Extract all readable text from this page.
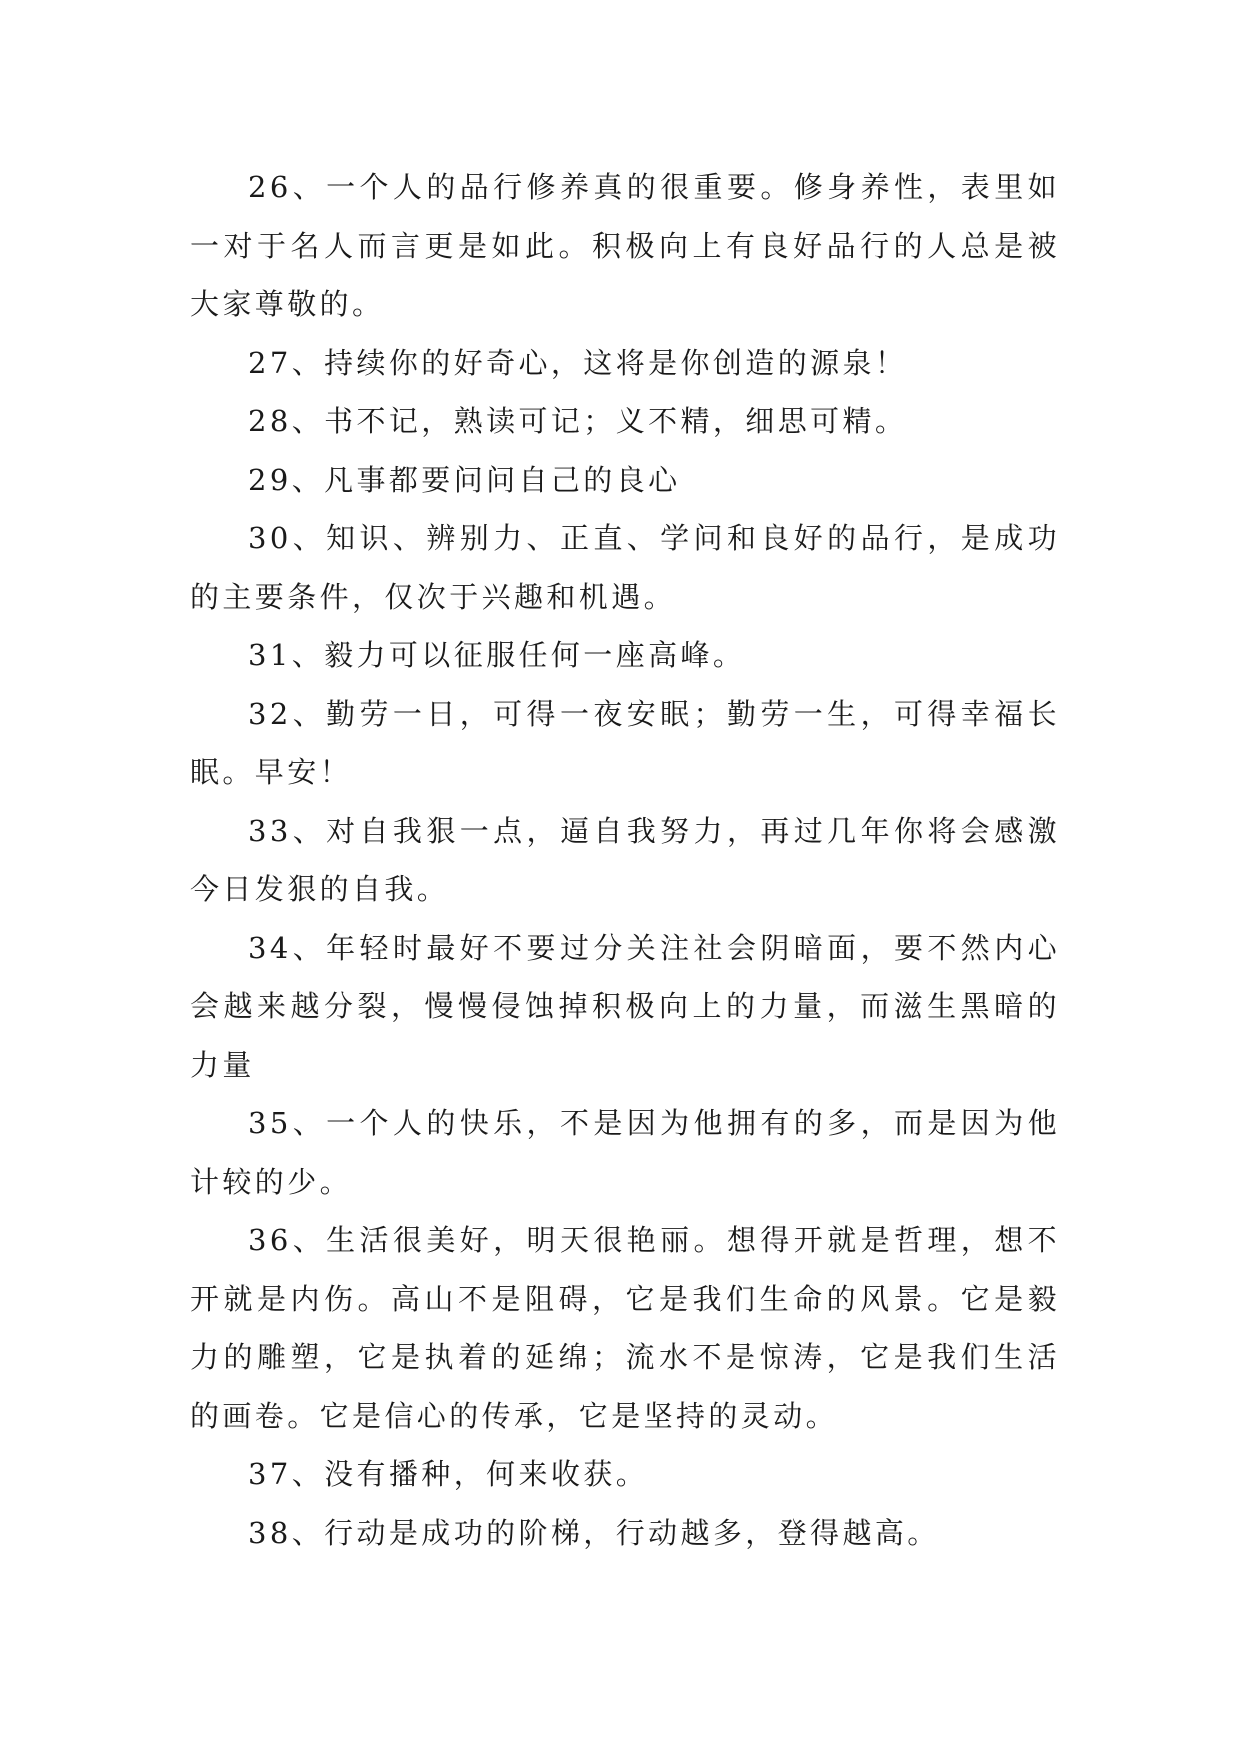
26、一个人的品行修养真的很重要。修身养性，表里如一对于名人而言更是如此。积极向上有良好品行的人总是被大家尊敬的。

27、持续你的好奇心，这将是你创造的源泉！

28、书不记，熟读可记；义不精，细思可精。

29、凡事都要问问自己的良心

30、知识、辨别力、正直、学问和良好的品行，是成功的主要条件，仅次于兴趣和机遇。

31、毅力可以征服任何一座高峰。

32、勤劳一日，可得一夜安眠；勤劳一生，可得幸福长眠。早安！

33、对自我狠一点，逼自我努力，再过几年你将会感激今日发狠的自我。

34、年轻时最好不要过分关注社会阴暗面，要不然内心会越来越分裂，慢慢侵蚀掉积极向上的力量，而滋生黑暗的力量

35、一个人的快乐，不是因为他拥有的多，而是因为他计较的少。

36、生活很美好，明天很艳丽。想得开就是哲理，想不开就是内伤。高山不是阻碍，它是我们生命的风景。它是毅力的雕塑，它是执着的延绵；流水不是惊涛，它是我们生活的画卷。它是信心的传承，它是坚持的灵动。

37、没有播种，何来收获。

38、行动是成功的阶梯，行动越多，登得越高。
